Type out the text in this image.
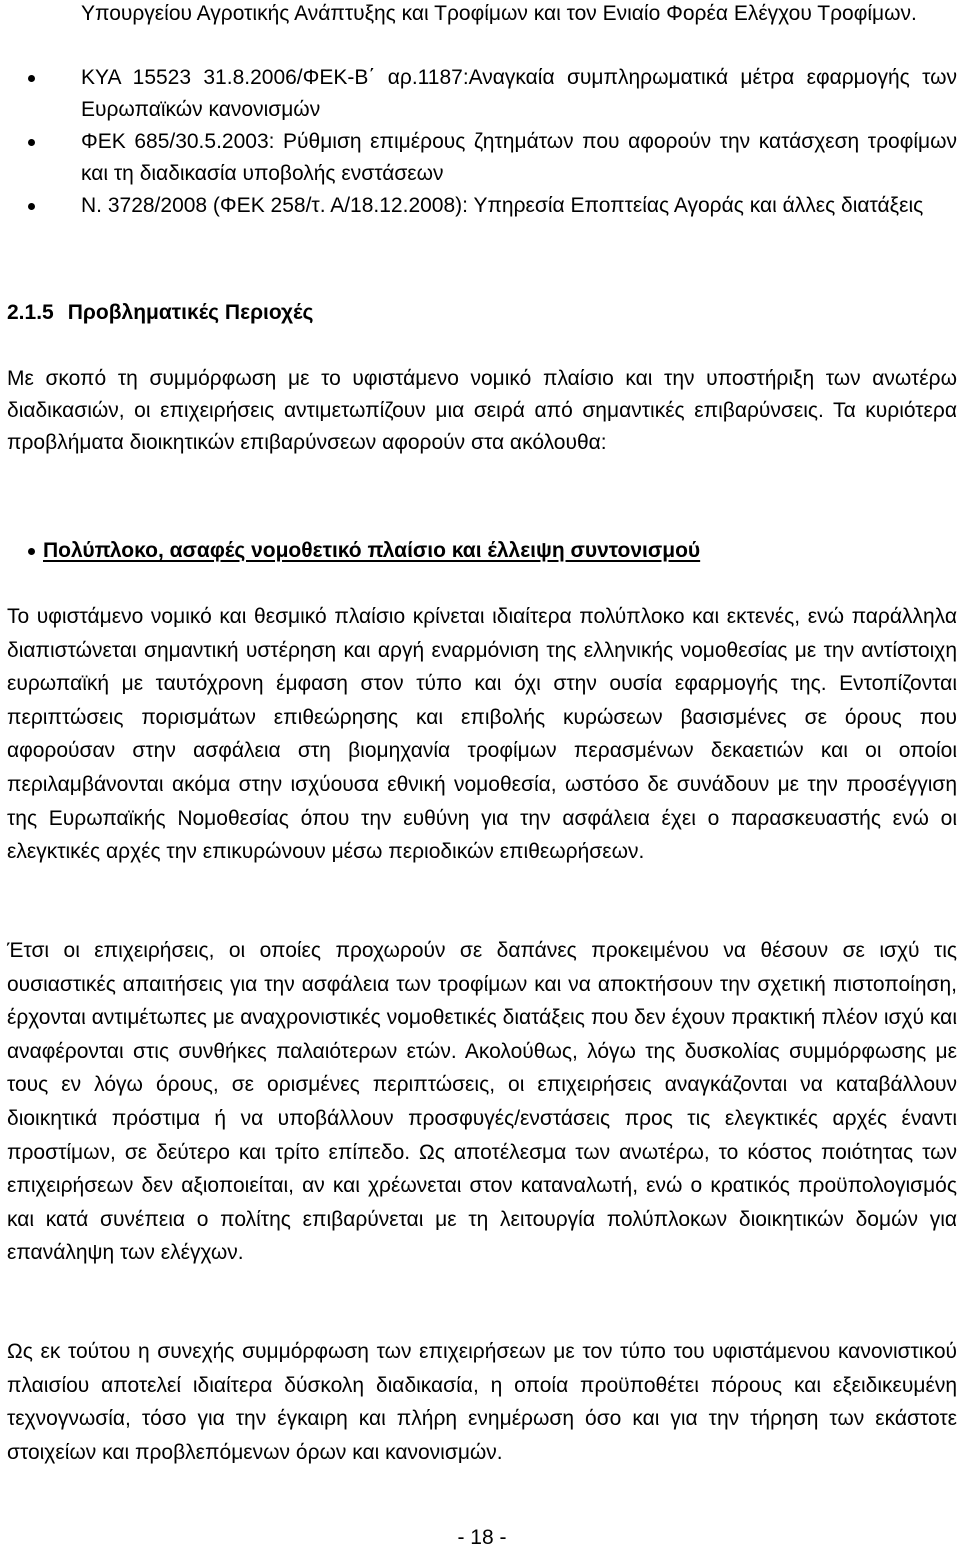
Υπουργείου Αγροτικής Ανάπτυξης και Τροφίμων και τον Ενιαίο Φορέα Ελέγχου Τροφίμων.
ΚΥΑ 15523 31.8.2006/ΦΕΚ-Β΄ αρ.1187:Αναγκαία συμπληρωματικά μέτρα εφαρμογής των Ευρωπαϊκών κανονισμών
ΦΕΚ 685/30.5.2003: Ρύθμιση επιμέρους ζητημάτων που αφορούν την κατάσχεση τροφίμων και τη διαδικασία υποβολής ενστάσεων
Ν. 3728/2008 (ΦΕΚ 258/τ. Α/18.12.2008): Υπηρεσία Εποπτείας Αγοράς και άλλες διατάξεις
2.1.5 Προβληματικές Περιοχές

Με σκοπό τη συμμόρφωση με το υφιστάμενο νομικό πλαίσιο και την υποστήριξη των ανωτέρω διαδικασιών, οι επιχειρήσεις αντιμετωπίζουν μια σειρά από σημαντικές επιβαρύνσεις. Τα κυριότερα προβλήματα διοικητικών επιβαρύνσεων αφορούν στα ακόλουθα:

Πολύπλοκο, ασαφές νομοθετικό πλαίσιο και έλλειψη συντονισμού

Το υφιστάμενο νομικό και θεσμικό πλαίσιο κρίνεται ιδιαίτερα πολύπλοκο και εκτενές, ενώ παράλληλα διαπιστώνεται σημαντική υστέρηση και αργή εναρμόνιση της ελληνικής νομοθεσίας με την αντίστοιχη ευρωπαϊκή με ταυτόχρονη έμφαση στον τύπο και όχι στην ουσία εφαρμογής της. Εντοπίζονται περιπτώσεις πορισμάτων επιθεώρησης και επιβολής κυρώσεων βασισμένες σε όρους που αφορούσαν στην ασφάλεια στη βιομηχανία τροφίμων περασμένων δεκαετιών και οι οποίοι περιλαμβάνονται ακόμα στην ισχύουσα εθνική νομοθεσία, ωστόσο δε συνάδουν με την προσέγγιση της Ευρωπαϊκής Νομοθεσίας όπου την ευθύνη για την ασφάλεια έχει ο παρασκευαστής ενώ οι ελεγκτικές αρχές την επικυρώνουν μέσω περιοδικών επιθεωρήσεων.

Έτσι οι επιχειρήσεις, οι οποίες προχωρούν σε δαπάνες προκειμένου να θέσουν σε ισχύ τις ουσιαστικές απαιτήσεις για την ασφάλεια των τροφίμων και να αποκτήσουν την σχετική πιστοποίηση, έρχονται αντιμέτωπες με αναχρονιστικές νομοθετικές διατάξεις που δεν έχουν πρακτική πλέον ισχύ και αναφέρονται στις συνθήκες παλαιότερων ετών. Ακολούθως, λόγω της δυσκολίας συμμόρφωσης με τους εν λόγω όρους, σε ορισμένες περιπτώσεις, οι επιχειρήσεις αναγκάζονται να καταβάλλουν διοικητικά πρόστιμα ή να υποβάλλουν προσφυγές/ενστάσεις προς τις ελεγκτικές αρχές έναντι προστίμων, σε δεύτερο και τρίτο επίπεδο. Ως αποτέλεσμα των ανωτέρω, το κόστος ποιότητας των επιχειρήσεων δεν αξιοποιείται, αν και χρέωνεται στον καταναλωτή, ενώ ο κρατικός προϋπολογισμός και κατά συνέπεια ο πολίτης επιβαρύνεται με τη λειτουργία πολύπλοκων διοικητικών δομών για επανάληψη των ελέγχων.

Ως εκ τούτου η συνεχής συμμόρφωση των επιχειρήσεων με τον τύπο του υφιστάμενου κανονιστικού πλαισίου αποτελεί ιδιαίτερα δύσκολη διαδικασία, η οποία προϋποθέτει πόρους και εξειδικευμένη τεχνογνωσία, τόσο για την έγκαιρη και πλήρη ενημέρωση όσο και για την τήρηση των εκάστοτε στοιχείων και προβλεπόμενων όρων και κανονισμών.

- 18 -
